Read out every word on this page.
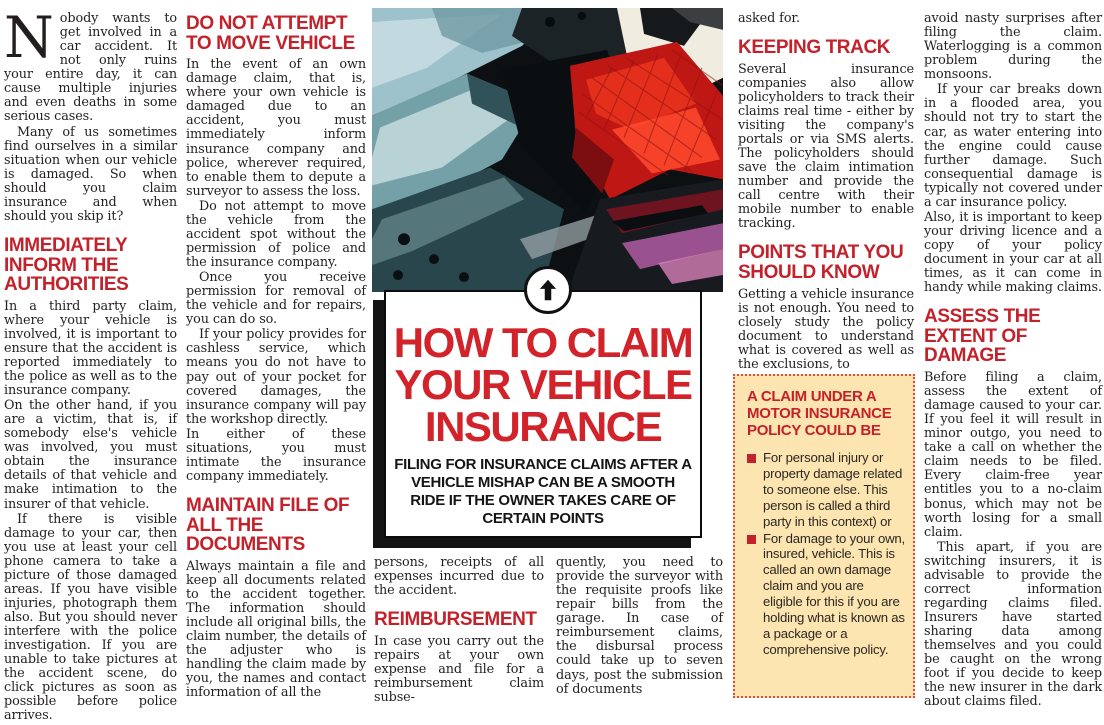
Nobody wants to get involved in a car accident. It not only ruins your entire day, it can cause multiple injuries and even deaths in some serious cases.

Many of us sometimes find ourselves in a similar situation when our vehicle is damaged. So when should you claim insurance and when should you skip it?

IMMEDIATELY INFORM THE AUTHORITIES

In a third party claim, where your vehicle is involved, it is important to ensure that the accident is reported immediately to the police as well as to the insurance company.

On the other hand, if you are a victim, that is, if somebody else's vehicle was involved, you must obtain the insurance details of that vehicle and make intimation to the insurer of that vehicle.

If there is visible damage to your car, then you use at least your cell phone camera to take a picture of those damaged areas. If you have visible injuries, photograph them also. But you should never interfere with the police investigation. If you are unable to take pictures at the accident scene, do click pictures as soon as possible before police arrives.

DO NOT ATTEMPT TO MOVE VEHICLE

In the event of an own damage claim, that is, where your own vehicle is damaged due to an accident, you must immediately inform insurance company and police, wherever required, to enable them to depute a surveyor to assess the loss.

Do not attempt to move the vehicle from the accident spot without the permission of police and the insurance company.

Once you receive permission for removal of the vehicle and for repairs, you can do so.

If your policy provides for cashless service, which means you do not have to pay out of your pocket for covered damages, the insurance company will pay the workshop directly.

In either of these situations, you must intimate the insurance company immediately.

MAINTAIN FILE OF ALL THE DOCUMENTS

Always maintain a file and keep all documents related to the accident together. The information should include all original bills, the claim number, the details of the adjuster who is handling the claim made by you, the names and contact information of all the

HOW TO CLAIM YOUR VEHICLE INSURANCE
FILING FOR INSURANCE CLAIMS AFTER A VEHICLE MISHAP CAN BE A SMOOTH RIDE IF THE OWNER TAKES CARE OF CERTAIN POINTS

persons, receipts of all expenses incurred due to the accident.

REIMBURSEMENT

In case you carry out the repairs at your own expense and file for a reimbursement claim subse-

quently, you need to provide the surveyor with the requisite proofs like repair bills from the garage. In case of reimbursement claims, the disbursal process could take up to seven days, post the submission of documents

asked for.

KEEPING TRACK

Several insurance companies also allow policyholders to track their claims real time - either by visiting the company's portals or via SMS alerts. The policyholders should save the claim intimation number and provide the call centre with their mobile number to enable tracking.

POINTS THAT YOU SHOULD KNOW

Getting a vehicle insurance is not enough. You need to closely study the policy document to understand what is covered as well as the exclusions, to

A CLAIM UNDER A MOTOR INSURANCE POLICY COULD BE
For personal injury or property damage related to someone else. This person is called a third party in this context) or
For damage to your own, insured, vehicle. This is called an own damage claim and you are eligible for this if you are holding what is known as a package or a comprehensive policy.

avoid nasty surprises after filing the claim. Waterlogging is a common problem during the monsoons.

If your car breaks down in a flooded area, you should not try to start the car, as water entering into the engine could cause further damage. Such consequential damage is typically not covered under a car insurance policy.

Also, it is important to keep your driving licence and a copy of your policy document in your car at all times, as it can come in handy while making claims.

ASSESS THE EXTENT OF DAMAGE

Before filing a claim, assess the extent of damage caused to your car. If you feel it will result in minor outgo, you need to take a call on whether the claim needs to be filed. Every claim-free year entitles you to a no-claim bonus, which may not be worth losing for a small claim.

This apart, if you are switching insurers, it is advisable to provide the correct information regarding claims filed. Insurers have started sharing data among themselves and you could be caught on the wrong foot if you decide to keep the new insurer in the dark about claims filed.
